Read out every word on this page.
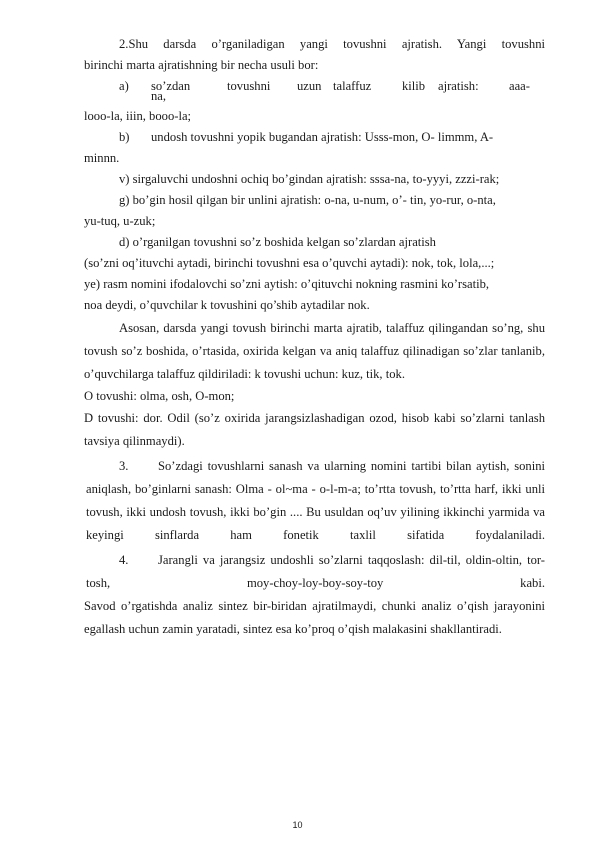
2.Shu darsda o’rganiladigan yangi tovushni ajratish. Yangi tovushni
birinchi marta ajratishning bir necha usuli bor:
a) so’zdan	tovushni uzun talaffuz kilib ajratish: aaa-
na,
looo-la, iiin, booo-la;
b) undosh tovushni yopik bugandan ajratish: Usss-mon, O- limmm, A-
minnn.
v) sirgaluvchi undoshni ochiq bo’gindan ajratish: sssa-na, to-yyyi, zzzi-rak;
g) bo’gin hosil qilgan bir unlini ajratish: o-na, u-num, o’- tin, yo-rur, o-nta,
yu-tuq, u-zuk;
d) o’rganilgan tovushni so’z boshida kelgan so’zlardan ajratish
(so’zni oq’ituvchi aytadi, birinchi tovushni esa o’quvchi aytadi): nok, tok, lola,...;
ye) rasm nomini ifodalovchi so’zni aytish: o’qituvchi nokning rasmini ko’rsatib,
noa deydi, o’quvchilar k tovushini qo’shib aytadilar nok.
Asosan, darsda yangi tovush birinchi marta ajratib, talaffuz qilingandan so’ng, shu tovush so’z boshida, o’rtasida, oxirida kelgan va aniq talaffuz qilinadigan so’zlar tanlanib, o’quvchilarga talaffuz qildiriladi: k tovushi uchun: kuz, tik, tok.
O tovushi: olma, osh, O-mon;
D tovushi: dor. Odil (so’z oxirida jarangsizlashadigan ozod, hisob kabi so’zlarni tanlash tavsiya qilinmaydi).
3.	So’zdagi tovushlarni sanash va ularning nomini tartibi bilan aytish, sonini aniqlash, bo’ginlarni sanash: Olma - ol~ma - o-l-m-a; to’rtta tovush, to’rtta harf, ikki unli tovush, ikki undosh tovush, ikki bo’gin .... Bu usuldan oq’uv yilining ikkinchi yarmida va keyingi sinflarda ham fonetik taxlil sifatida foydalaniladi.
4.	Jarangli va jarangsiz undoshli so’zlarni taqqoslash: dil-til, oldin-oltin, tor-tosh, moy-choy-loy-boy-soy-toy kabi.
Savod o’rgatishda analiz sintez bir-biridan ajratilmaydi, chunki analiz o’qish jarayonini egallash uchun zamin yaratadi, sintez esa ko’proq o’qish malakasini shakllantiradi.
10
